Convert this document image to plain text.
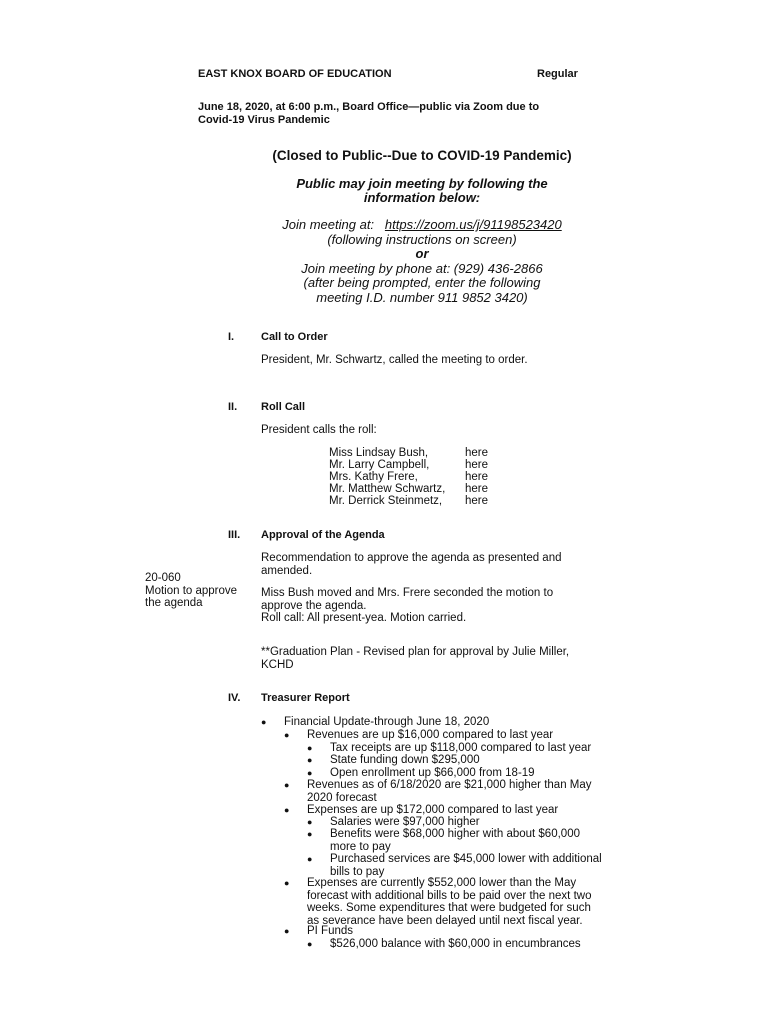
EAST KNOX BOARD OF EDUCATION	Regular
June 18, 2020, at 6:00 p.m., Board Office—public via Zoom due to
Covid-19 Virus Pandemic
(Closed to Public--Due to COVID-19 Pandemic)
Public may join meeting by following the
information below:
Join meeting at: https://zoom.us/j/91198523420
(following instructions on screen)
or
Join meeting by phone at: (929) 436-2866
(after being prompted, enter the following
meeting I.D. number 911 9852 3420)
I. Call to Order
President, Mr. Schwartz, called the meeting to order.
II. Roll Call
President calls the roll:
Miss Lindsay Bush,	here
Mr. Larry Campbell,	here
Mrs. Kathy Frere,	here
Mr. Matthew Schwartz,	here
Mr. Derrick Steinmetz,	here
III. Approval of the Agenda
Recommendation to approve the agenda as presented and
amended.
20-060
Motion to approve
the agenda
Miss Bush moved and Mrs. Frere seconded the motion to
approve the agenda.
Roll call: All present-yea. Motion carried.
**Graduation Plan - Revised plan for approval by Julie Miller,
KCHD
IV. Treasurer Report
● Financial Update-through June 18, 2020
● Revenues are up $16,000 compared to last year
● Tax receipts are up $118,000 compared to last year
● State funding down $295,000
● Open enrollment up $66,000 from 18-19
● Revenues as of 6/18/2020 are $21,000 higher than May
2020 forecast
● Expenses are up $172,000 compared to last year
● Salaries were $97,000 higher
● Benefits were $68,000 higher with about $60,000
more to pay
● Purchased services are $45,000 lower with additional
bills to pay
● Expenses are currently $552,000 lower than the May
forecast with additional bills to be paid over the next two
weeks. Some expenditures that were budgeted for such
as severance have been delayed until next fiscal year.
● PI Funds
● $526,000 balance with $60,000 in encumbrances
